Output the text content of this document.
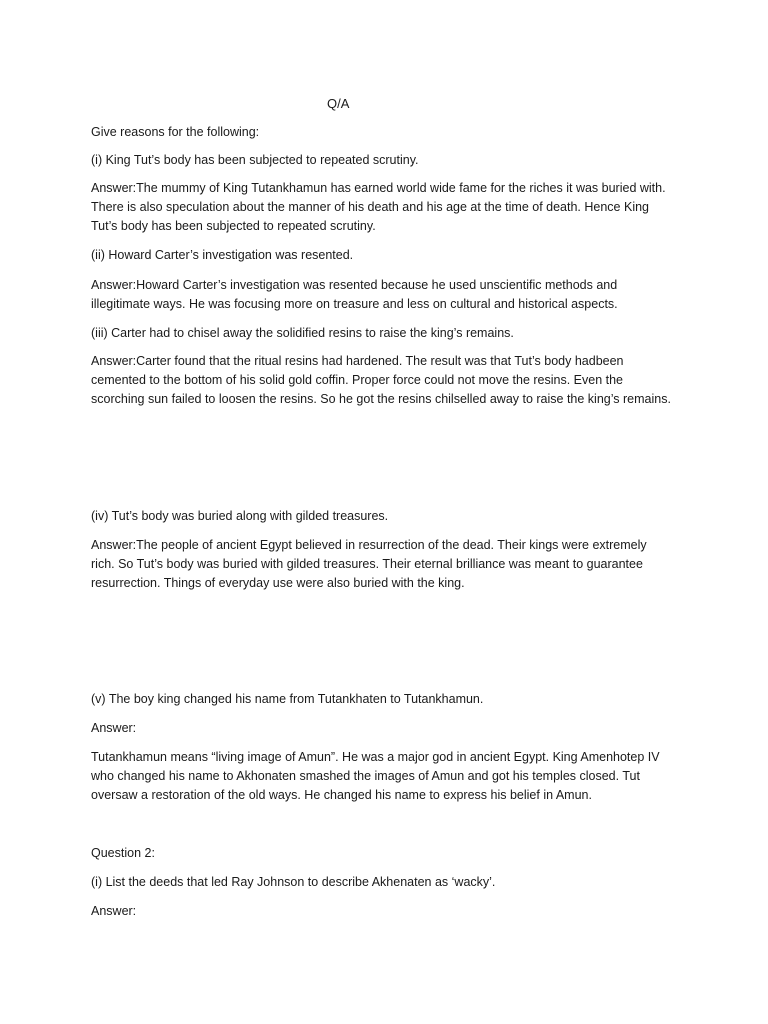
Q/A

Give reasons for the following:

(i) King Tut’s body has been subjected to repeated scrutiny.

Answer:The mummy of King Tutankhamun has earned world wide fame for the riches it was buried with.
There is also speculation about the manner of his death and his age at the time of death. Hence King
Tut’s body has been subjected to repeated scrutiny.

(ii) Howard Carter’s investigation was resented.

Answer:Howard Carter’s investigation was resented because he used unscientific methods and
illegitimate ways. He was focusing more on treasure and less on cultural and historical aspects.

(iii) Carter had to chisel away the solidified resins to raise the king’s remains.

Answer:Carter found that the ritual resins had hardened. The result was that Tut’s body hadbeen
cemented to the bottom of his solid gold coffin. Proper force could not move the resins. Even the
scorching sun failed to loosen the resins. So he got the resins chilselled away to raise the king’s remains.

(iv) Tut’s body was buried along with gilded treasures.

Answer:The people of ancient Egypt believed in resurrection of the dead. Their kings were extremely
rich. So Tut’s body was buried with gilded treasures. Their eternal brilliance was meant to guarantee
resurrection. Things of everyday use were also buried with the king.

(v) The boy king changed his name from Tutankhaten to Tutankhamun.

Answer:

Tutankhamun means “living image of Amun”. He was a major god in ancient Egypt. King Amenhotep IV
who changed his name to Akhonaten smashed the images of Amun and got his temples closed. Tut
oversaw a restoration of the old ways. He changed his name to express his belief in Amun.

Question 2:

(i) List the deeds that led Ray Johnson to describe Akhenaten as ‘wacky’.

Answer:
